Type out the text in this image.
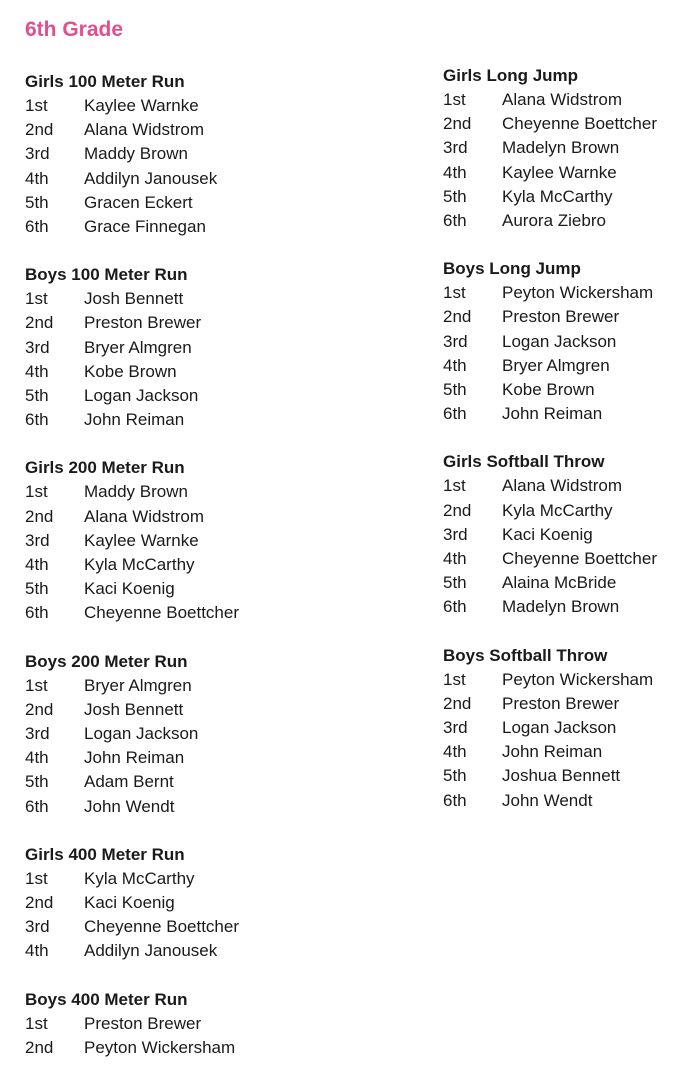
6th Grade
Girls 100 Meter Run
1st	Kaylee Warnke
2nd	Alana Widstrom
3rd	Maddy Brown
4th	Addilyn Janousek
5th	Gracen Eckert
6th	Grace Finnegan
Boys 100 Meter Run
1st	Josh Bennett
2nd	Preston Brewer
3rd	Bryer Almgren
4th	Kobe Brown
5th	Logan Jackson
6th	John Reiman
Girls 200 Meter Run
1st	Maddy Brown
2nd	Alana Widstrom
3rd	Kaylee Warnke
4th	Kyla McCarthy
5th	Kaci Koenig
6th	Cheyenne Boettcher
Boys 200 Meter Run
1st	Bryer Almgren
2nd	Josh Bennett
3rd	Logan Jackson
4th	John Reiman
5th	Adam Bernt
6th	John Wendt
Girls 400 Meter Run
1st	Kyla McCarthy
2nd	Kaci Koenig
3rd	Cheyenne Boettcher
4th	Addilyn Janousek
Boys 400 Meter Run
1st	Preston Brewer
2nd	Peyton Wickersham
Girls Long Jump
1st	Alana Widstrom
2nd	Cheyenne Boettcher
3rd	Madelyn Brown
4th	Kaylee Warnke
5th	Kyla McCarthy
6th	Aurora Ziebro
Boys Long Jump
1st	Peyton Wickersham
2nd	Preston Brewer
3rd	Logan Jackson
4th	Bryer Almgren
5th	Kobe Brown
6th	John Reiman
Girls Softball Throw
1st	Alana Widstrom
2nd	Kyla McCarthy
3rd	Kaci Koenig
4th	Cheyenne Boettcher
5th	Alaina McBride
6th	Madelyn Brown
Boys Softball Throw
1st	Peyton Wickersham
2nd	Preston Brewer
3rd	Logan Jackson
4th	John Reiman
5th	Joshua Bennett
6th	John Wendt
